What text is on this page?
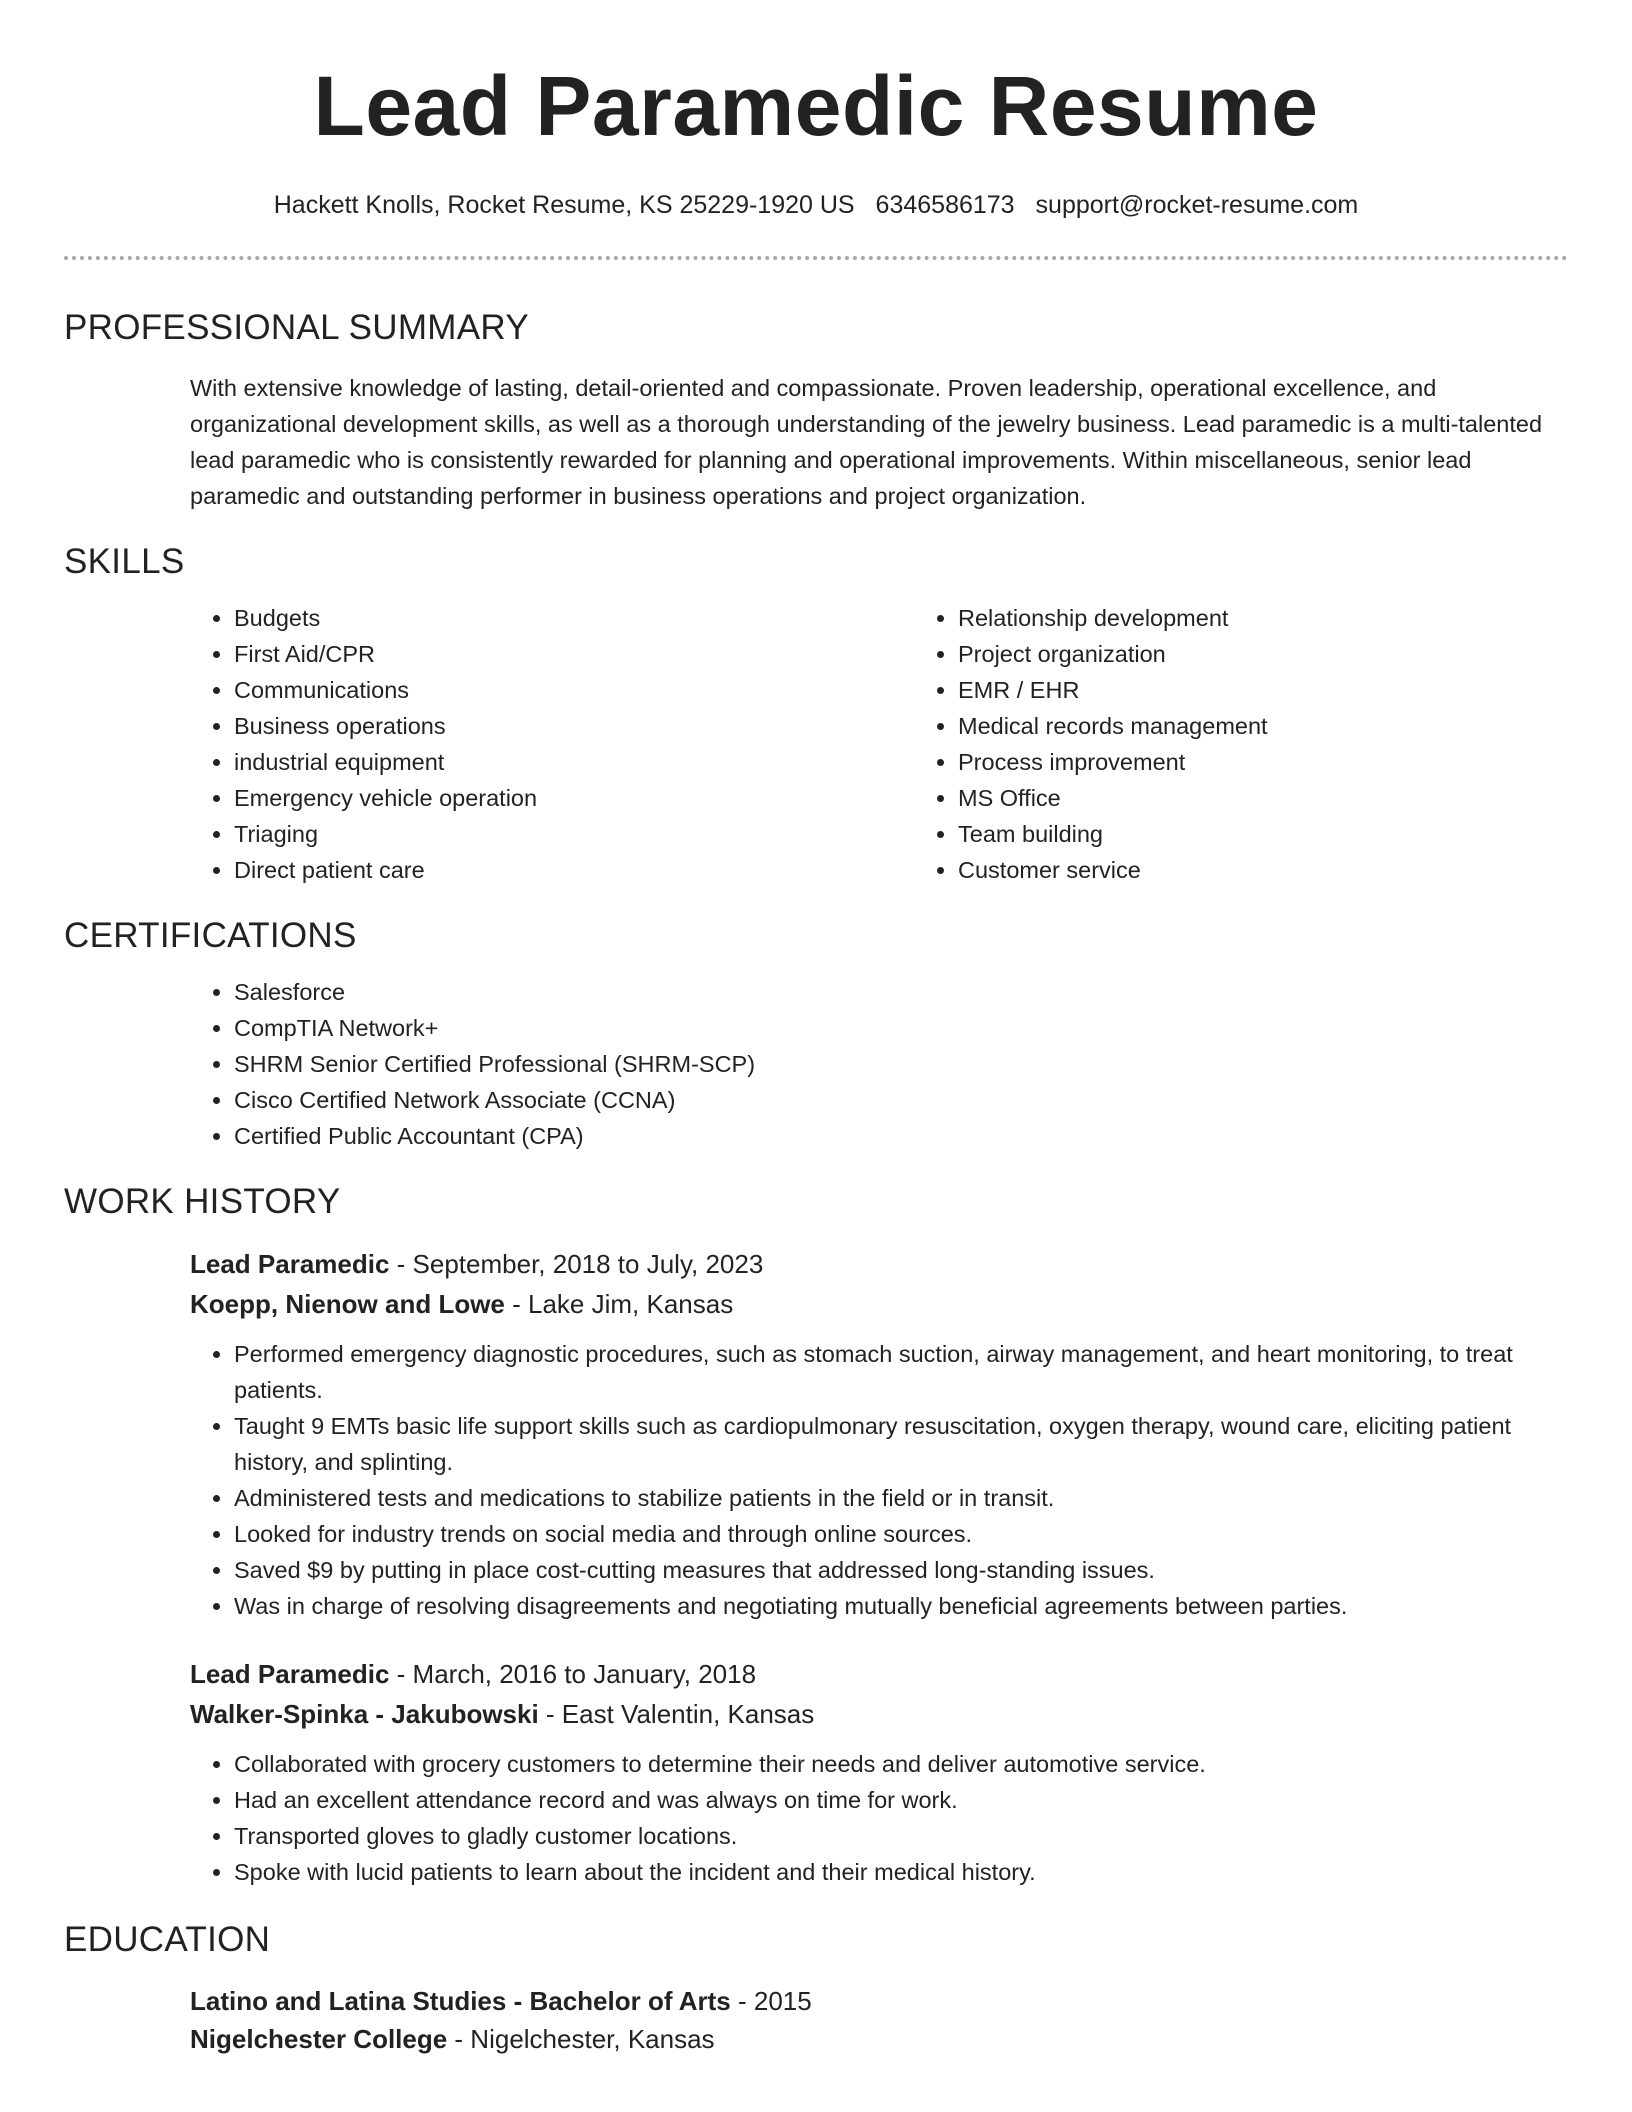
Lead Paramedic Resume
Hackett Knolls, Rocket Resume, KS 25229-1920 US 6346586173 support@rocket-resume.com
PROFESSIONAL SUMMARY

With extensive knowledge of lasting, detail-oriented and compassionate. Proven leadership, operational excellence, and organizational development skills, as well as a thorough understanding of the jewelry business. Lead paramedic is a multi-talented lead paramedic who is consistently rewarded for planning and operational improvements. Within miscellaneous, senior lead paramedic and outstanding performer in business operations and project organization.

SKILLS
• Budgets
• First Aid/CPR
• Communications
• Business operations
• industrial equipment
• Emergency vehicle operation
• Triaging
• Direct patient care
• Relationship development
• Project organization
• EMR / EHR
• Medical records management
• Process improvement
• MS Office
• Team building
• Customer service
CERTIFICATIONS
• Salesforce
• CompTIA Network+
• SHRM Senior Certified Professional (SHRM-SCP)
• Cisco Certified Network Associate (CCNA)
• Certified Public Accountant (CPA)
WORK HISTORY
Lead Paramedic - September, 2018 to July, 2023
Koepp, Nienow and Lowe - Lake Jim, Kansas
• Performed emergency diagnostic procedures, such as stomach suction, airway management, and heart monitoring, to treat patients.
• Taught 9 EMTs basic life support skills such as cardiopulmonary resuscitation, oxygen therapy, wound care, eliciting patient history, and splinting.
• Administered tests and medications to stabilize patients in the field or in transit.
• Looked for industry trends on social media and through online sources.
• Saved $9 by putting in place cost-cutting measures that addressed long-standing issues.
• Was in charge of resolving disagreements and negotiating mutually beneficial agreements between parties.
Lead Paramedic - March, 2016 to January, 2018
Walker-Spinka - Jakubowski - East Valentin, Kansas
• Collaborated with grocery customers to determine their needs and deliver automotive service.
• Had an excellent attendance record and was always on time for work.
• Transported gloves to gladly customer locations.
• Spoke with lucid patients to learn about the incident and their medical history.
EDUCATION
Latino and Latina Studies - Bachelor of Arts - 2015
Nigelchester College - Nigelchester, Kansas
